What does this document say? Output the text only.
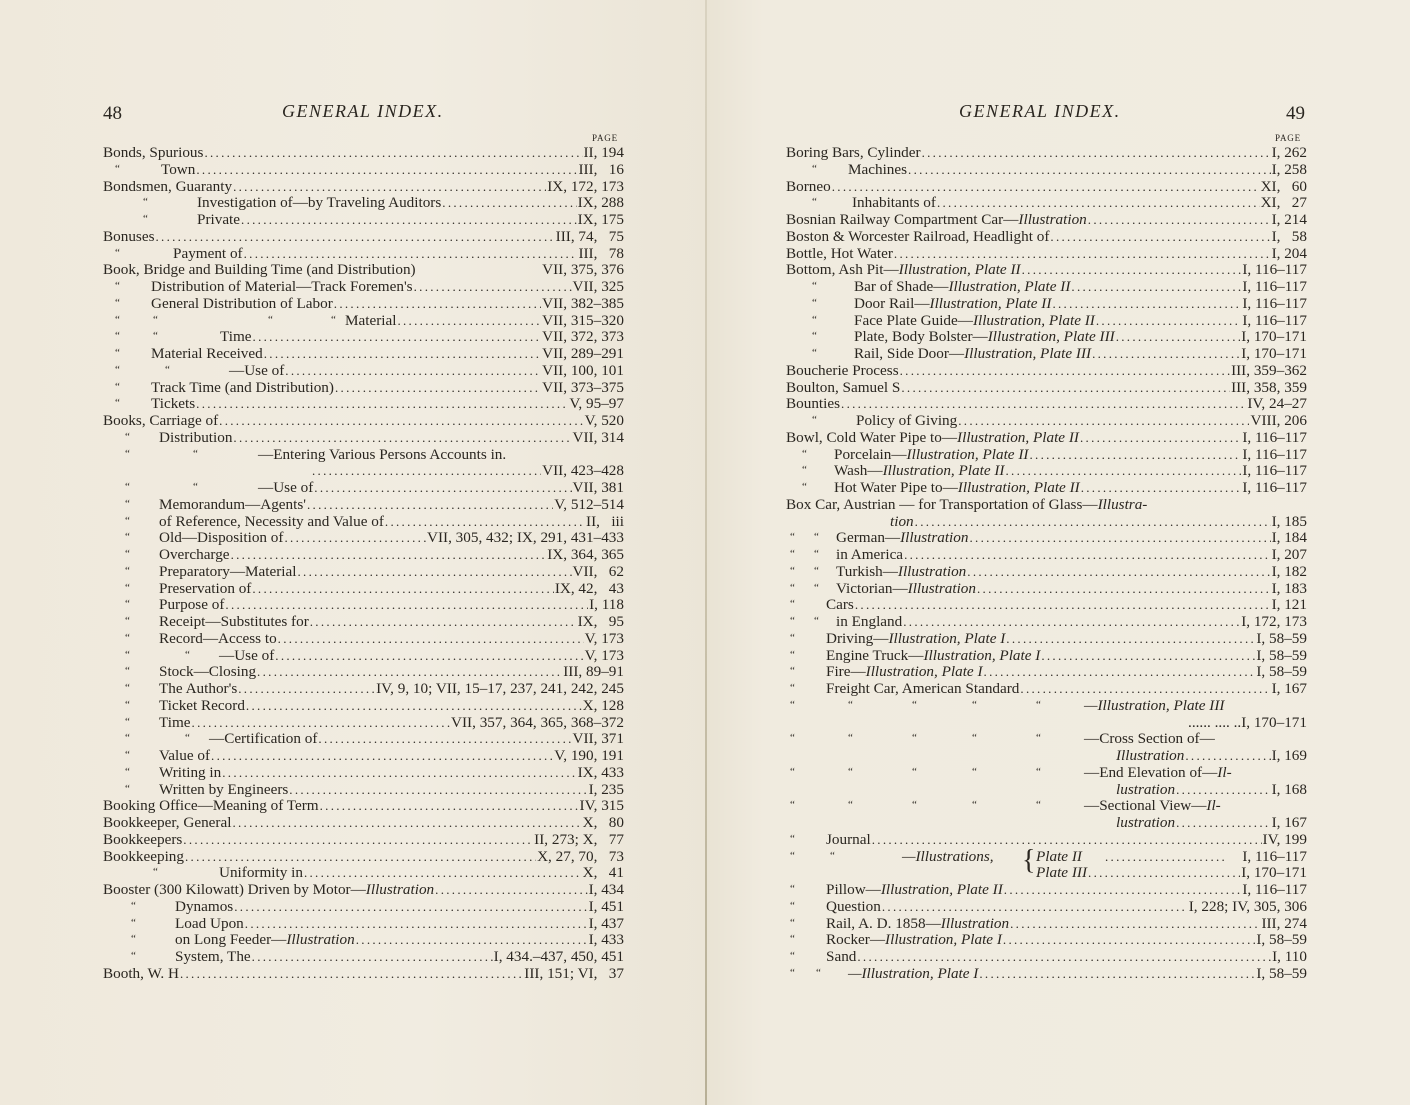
48	GENERAL INDEX.
PAGE
Bonds, Spurious .....	II, 194
“	Town .....	III,   16
Bondsmen, Guaranty .....	IX, 172, 173
“	Investigation of—by Traveling Auditors .....	IX, 288
“	Private .....	IX, 175
Bonuses .....	III, 74,   75
“	Payment of .....	III,   78
Book, Bridge and Building Time (and Distribution)	VII, 375, 376
“	Distribution of Material—Track Foremen's .....	VII, 325
“	General Distribution of Labor .....	VII, 382–385
“	“	“	“ Material .....	VII, 315–320
“	“	Time .....	VII, 372, 373
“	Material Received .....	VII, 289–291
“	“	—Use of .....	VII, 100, 101
“	Track Time (and Distribution) .....	VII, 373–375
“	Tickets .....	V, 95–97
Books, Carriage of .....	V, 520
“	Distribution .....	VII, 314
“	“	—Entering Various Persons Accounts in.
.....
VII, 423–428
“	“	—Use of .....	VII, 381
“	Memorandum—Agents' .....	V, 512–514
“	of Reference, Necessity and Value of .....	II,   iii
“	Old—Disposition of .....	VII, 305, 432; IX, 291, 431–433
“	Overcharge .....	IX, 364, 365
“	Preparatory—Material .....	VII,   62
“	Preservation of .....	IX, 42,   43
“	Purpose of .....	I, 118
“	Receipt—Substitutes for .....	IX,   95
“	Record—Access to .....	V, 173
“	“	—Use of .....	V, 173
“	Stock—Closing .....	III, 89–91
“	The Author's .....	IV, 9, 10; VII, 15–17, 237, 241, 242, 245
“	Ticket Record .....	X, 128
“	Time .....	VII, 357, 364, 365, 368–372
“	“	—Certification of .....	VII, 371
“	Value of .....	V, 190, 191
“	Writing in .....	IX, 433
“	Written by Engineers .....	I, 235
Booking Office—Meaning of Term .....	IV, 315
Bookkeeper, General .....	X,   80
Bookkeepers .....	II, 273; X,   77
Bookkeeping .....	X, 27, 70,   73
“	Uniformity in .....	X,   41
Booster (300 Kilowatt) Driven by Motor—Illustration .....	I, 434
“	Dynamos .....	I, 451
“	Load Upon .....	I, 437
“	on Long Feeder—Illustration .....	I, 433
“	System, The .....	I, 434.–437, 450, 451
Booth, W. H .....	III, 151; VI,   37
GENERAL INDEX.	49
PAGE
Boring Bars, Cylinder .....	I, 262
“	Machines .....	I, 258
Borneo .....	XI,   60
“	Inhabitants of .....	XI,   27
Bosnian Railway Compartment Car—Illustration .....	I, 214
Boston & Worcester Railroad, Headlight of .....	I,   58
Bottle, Hot Water .....	I, 204
Bottom, Ash Pit—Illustration, Plate II .....	I, 116–117
“	Bar of Shade—Illustration, Plate II .....	I, 116–117
“	Door Rail—Illustration, Plate II .....	I, 116–117
“	Face Plate Guide—Illustration, Plate II .....	I, 116–117
“	Plate, Body Bolster—Illustration, Plate III .....	I, 170–171
“	Rail, Side Door—Illustration, Plate III .....	I, 170–171
Boucherie Process .....	III, 359–362
Boulton, Samuel S .....	III, 358, 359
Bounties .....	IV, 24–27
“	Policy of Giving .....	VIII, 206
Bowl, Cold Water Pipe to—Illustration, Plate II .....	I, 116–117
“	Porcelain—Illustration, Plate II .....	I, 116–117
“	Wash—Illustration, Plate II .....	I, 116–117
“	Hot Water Pipe to—Illustration, Plate II .....	I, 116–117
Box Car, Austrian — for Transportation of Glass—Illustra-
tion .....	I, 185
“ “	German—Illustration .....	I, 184
“ “	in America .....	I, 207
“ “	Turkish—Illustration .....	I, 182
“ “	Victorian—Illustration .....	I, 183
“	Cars .....	I, 121
“ “	in England .....	I, 172, 173
“	Driving—Illustration, Plate I .....	I, 58–59
“	Engine Truck—Illustration, Plate I .....	I, 58–59
“	Fire—Illustration, Plate I .....	I, 58–59
“	Freight Car, American Standard .....	I, 167
“	“	“	“	“	—Illustration, Plate III
...... .... ..I, 170–171
“	“	“	“	“	—Cross Section of—
Illustration .....	I, 169
“	“	“	“	“	—End Elevation of—Il-
lustration .....	I, 168
“	“	“	“	“	—Sectional View—Il-
lustration .....	I, 167
“	Journal .....	IV, 199
“	“	—Illustrations, { Plate II .....	I, 116–117
Plate III .....	I, 170–171
“	Pillow—Illustration, Plate II .....	I, 116–117
“	Question .....	I, 228; IV, 305, 306
“	Rail, A. D. 1858—Illustration .....	III, 274
“	Rocker—Illustration, Plate I .....	I, 58–59
“	Sand .....	I, 110
“ “	—Illustration, Plate I .....	I, 58–59
